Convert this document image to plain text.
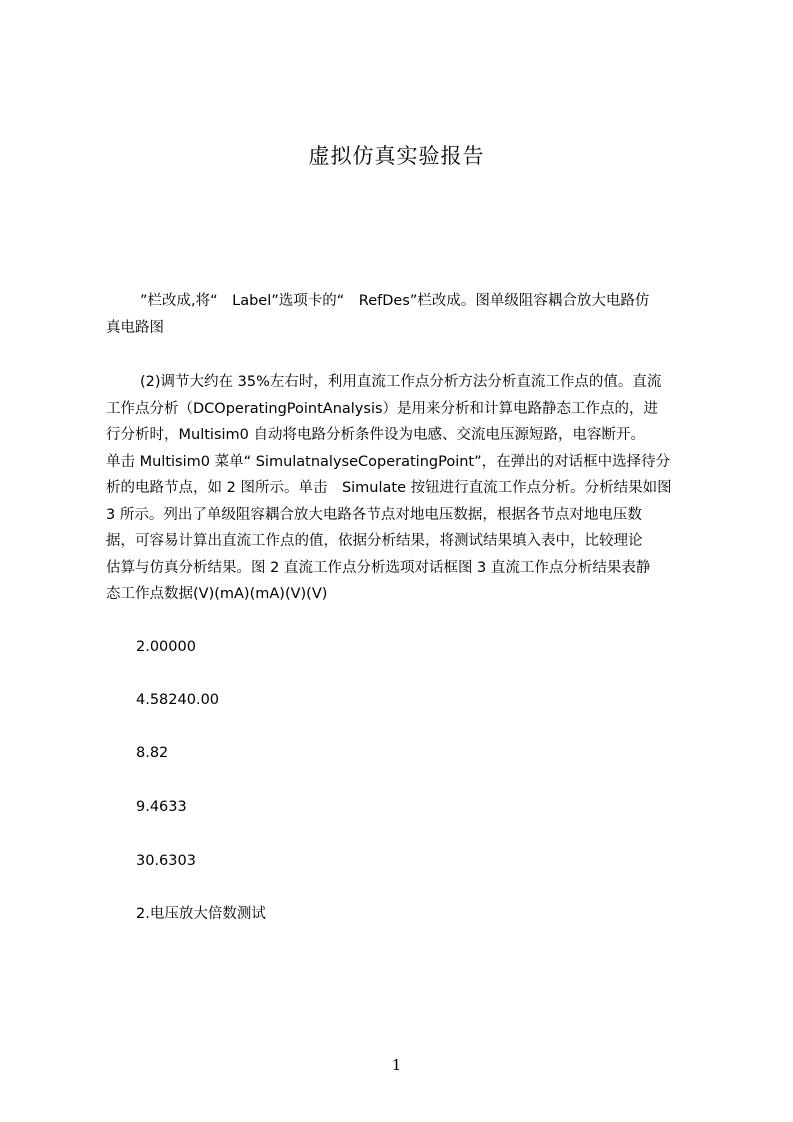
虚拟仿真实验报告
”栏改成,将“　Label”选项卡的“　RefDes”栏改成。图单级阻容耦合放大电路仿
真电路图
(2)调节大约在 35%左右时，利用直流工作点分析方法分析直流工作点的值。直流
工作点分析（DCOperatingPointAnalysis）是用来分析和计算电路静态工作点的，进
行分析时，Multisim0 自动将电路分析条件设为电感、交流电压源短路，电容断开。
单击 Multisim0 菜单“ SimulatnalyseCoperatingPoint”，在弹出的对话框中选择待分
析的电路节点，如 2 图所示。单击　Simulate 按钮进行直流工作点分析。分析结果如图
3 所示。列出了单级阻容耦合放大电路各节点对地电压数据，根据各节点对地电压数
据，可容易计算出直流工作点的值，依据分析结果，将测试结果填入表中，比较理论
估算与仿真分析结果。图 2 直流工作点分析选项对话框图 3 直流工作点分析结果表静
态工作点数据(V)(mA)(mA)(V)(V)
2.00000
4.58240.00
8.82
9.4633
30.6303
2.电压放大倍数测试
1
